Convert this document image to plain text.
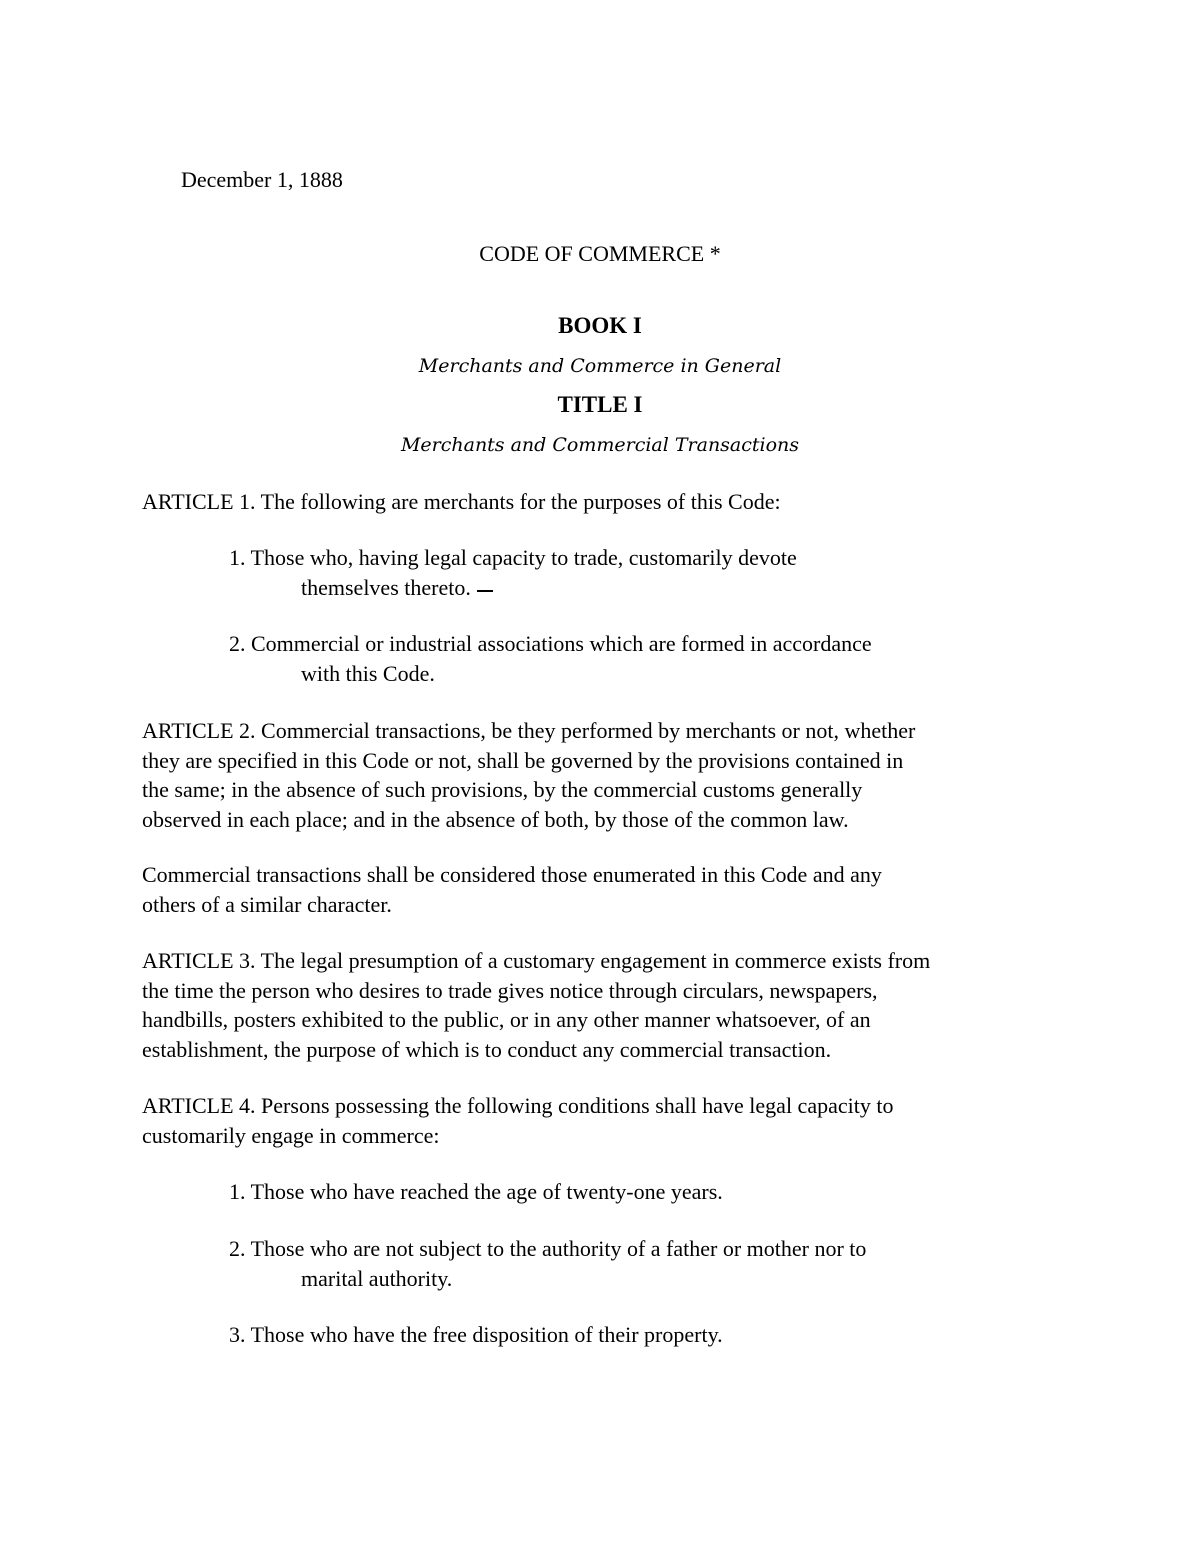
December 1, 1888
CODE OF COMMERCE *
BOOK I
Merchants and Commerce in General
TITLE I
Merchants and Commercial Transactions
ARTICLE 1. The following are merchants for the purposes of this Code:
1. Those who, having legal capacity to trade, customarily devote
themselves thereto.
2. Commercial or industrial associations which are formed in accordance
with this Code.
ARTICLE 2. Commercial transactions, be they performed by merchants or not, whether
they are specified in this Code or not, shall be governed by the provisions contained in
the same; in the absence of such provisions, by the commercial customs generally
observed in each place; and in the absence of both, by those of the common law.
Commercial transactions shall be considered those enumerated in this Code and any
others of a similar character.
ARTICLE 3. The legal presumption of a customary engagement in commerce exists from
the time the person who desires to trade gives notice through circulars, newspapers,
handbills, posters exhibited to the public, or in any other manner whatsoever, of an
establishment, the purpose of which is to conduct any commercial transaction.
ARTICLE 4. Persons possessing the following conditions shall have legal capacity to
customarily engage in commerce:
1. Those who have reached the age of twenty-one years.
2. Those who are not subject to the authority of a father or mother nor to
marital authority.
3. Those who have the free disposition of their property.
